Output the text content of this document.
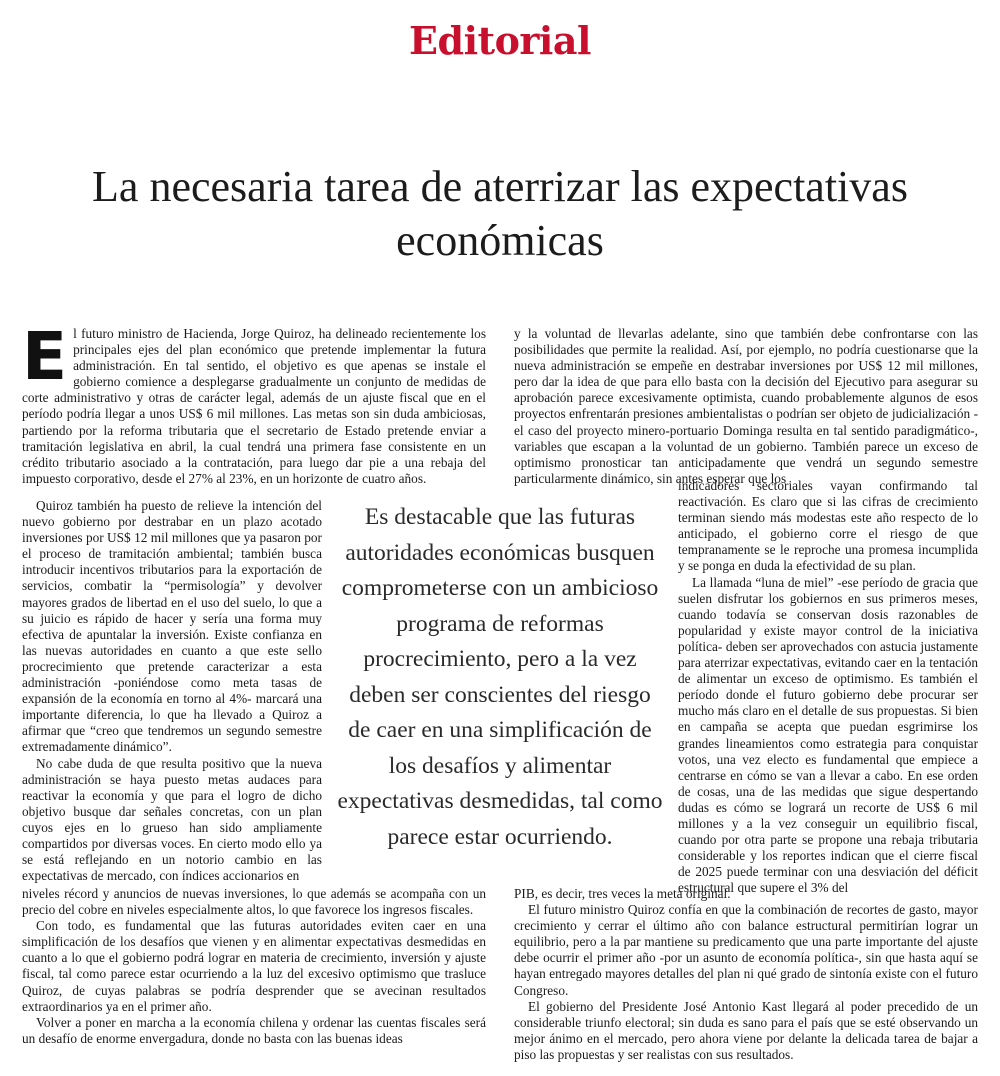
Editorial
La necesaria tarea de aterrizar las expectativas económicas

El futuro ministro de Hacienda, Jorge Quiroz, ha delineado recientemente los principales ejes del plan económico que pretende implementar la futura administración. En tal sentido, el objetivo es que apenas se instale el gobierno comience a desplegarse gradualmente un conjunto de medidas de corte administrativo y otras de carácter legal, además de un ajuste fiscal que en el período podría llegar a unos US$ 6 mil millones. Las metas son sin duda ambiciosas, partiendo por la reforma tributaria que el secretario de Estado pretende enviar a tramitación legislativa en abril, la cual tendrá una primera fase consistente en un crédito tributario asociado a la contratación, para luego dar pie a una rebaja del impuesto corporativo, desde el 27% al 23%, en un horizonte de cuatro años.

Quiroz también ha puesto de relieve la intención del nuevo gobierno por destrabar en un plazo acotado inversiones por US$ 12 mil millones que ya pasaron por el proceso de tramitación ambiental; también busca introducir incentivos tributarios para la exportación de servicios, combatir la “permisología” y devolver mayores grados de libertad en el uso del suelo, lo que a su juicio es rápido de hacer y sería una forma muy efectiva de apuntalar la inversión. Existe confianza en las nuevas autoridades en cuanto a que este sello procrecimiento que pretende caracterizar a esta administración -poniéndose como meta tasas de expansión de la economía en torno al 4%- marcará una importante diferencia, lo que ha llevado a Quiroz a afirmar que “creo que tendremos un segundo semestre extremadamente dinámico”.

No cabe duda de que resulta positivo que la nueva administración se haya puesto metas audaces para reactivar la economía y que para el logro de dicho objetivo busque dar señales concretas, con un plan cuyos ejes en lo grueso han sido ampliamente compartidos por diversas voces. En cierto modo ello ya se está reflejando en un notorio cambio en las expectativas de mercado, con índices accionarios en

niveles récord y anuncios de nuevas inversiones, lo que además se acompaña con un precio del cobre en niveles especialmente altos, lo que favorece los ingresos fiscales.

Con todo, es fundamental que las futuras autoridades eviten caer en una simplificación de los desafíos que vienen y en alimentar expectativas desmedidas en cuanto a lo que el gobierno podrá lograr en materia de crecimiento, inversión y ajuste fiscal, tal como parece estar ocurriendo a la luz del excesivo optimismo que trasluce Quiroz, de cuyas palabras se podría desprender que se avecinan resultados extraordinarios ya en el primer año.

Volver a poner en marcha a la economía chilena y ordenar las cuentas fiscales será un desafío de enorme envergadura, donde no basta con las buenas ideas

Es destacable que las futuras autoridades económicas busquen comprometerse con un ambicioso programa de reformas procrecimiento, pero a la vez deben ser conscientes del riesgo de caer en una simplificación de los desafíos y alimentar expectativas desmedidas, tal como parece estar ocurriendo.

y la voluntad de llevarlas adelante, sino que también debe confrontarse con las posibilidades que permite la realidad. Así, por ejemplo, no podría cuestionarse que la nueva administración se empeñe en destrabar inversiones por US$ 12 mil millones, pero dar la idea de que para ello basta con la decisión del Ejecutivo para asegurar su aprobación parece excesivamente optimista, cuando probablemente algunos de esos proyectos enfrentarán presiones ambientalistas o podrían ser objeto de judicialización -el caso del proyecto minero-portuario Dominga resulta en tal sentido paradigmático-, variables que escapan a la voluntad de un gobierno. También parece un exceso de optimismo pronosticar tan anticipadamente que vendrá un segundo semestre particularmente dinámico, sin antes esperar que los

indicadores sectoriales vayan confirmando tal reactivación. Es claro que si las cifras de crecimiento terminan siendo más modestas este año respecto de lo anticipado, el gobierno corre el riesgo de que tempranamente se le reproche una promesa incumplida y se ponga en duda la efectividad de su plan.

La llamada “luna de miel” -ese período de gracia que suelen disfrutar los gobiernos en sus primeros meses, cuando todavía se conservan dosis razonables de popularidad y existe mayor control de la iniciativa política- deben ser aprovechados con astucia justamente para aterrizar expectativas, evitando caer en la tentación de alimentar un exceso de optimismo. Es también el período donde el futuro gobierno debe procurar ser mucho más claro en el detalle de sus propuestas. Si bien en campaña se acepta que puedan esgrimirse los grandes lineamientos como estrategia para conquistar votos, una vez electo es fundamental que empiece a centrarse en cómo se van a llevar a cabo. En ese orden de cosas, una de las medidas que sigue despertando dudas es cómo se logrará un recorte de US$ 6 mil millones y a la vez conseguir un equilibrio fiscal, cuando por otra parte se propone una rebaja tributaria considerable y los reportes indican que el cierre fiscal de 2025 puede terminar con una desviación del déficit estructural que supere el 3% del

PIB, es decir, tres veces la meta original.

El futuro ministro Quiroz confía en que la combinación de recortes de gasto, mayor crecimiento y cerrar el último año con balance estructural permitirían lograr un equilibrio, pero a la par mantiene su predicamento que una parte importante del ajuste debe ocurrir el primer año -por un asunto de economía política-, sin que hasta aquí se hayan entregado mayores detalles del plan ni qué grado de sintonía existe con el futuro Congreso.

El gobierno del Presidente José Antonio Kast llegará al poder precedido de un considerable triunfo electoral; sin duda es sano para el país que se esté observando un mejor ánimo en el mercado, pero ahora viene por delante la delicada tarea de bajar a piso las propuestas y ser realistas con sus resultados.
